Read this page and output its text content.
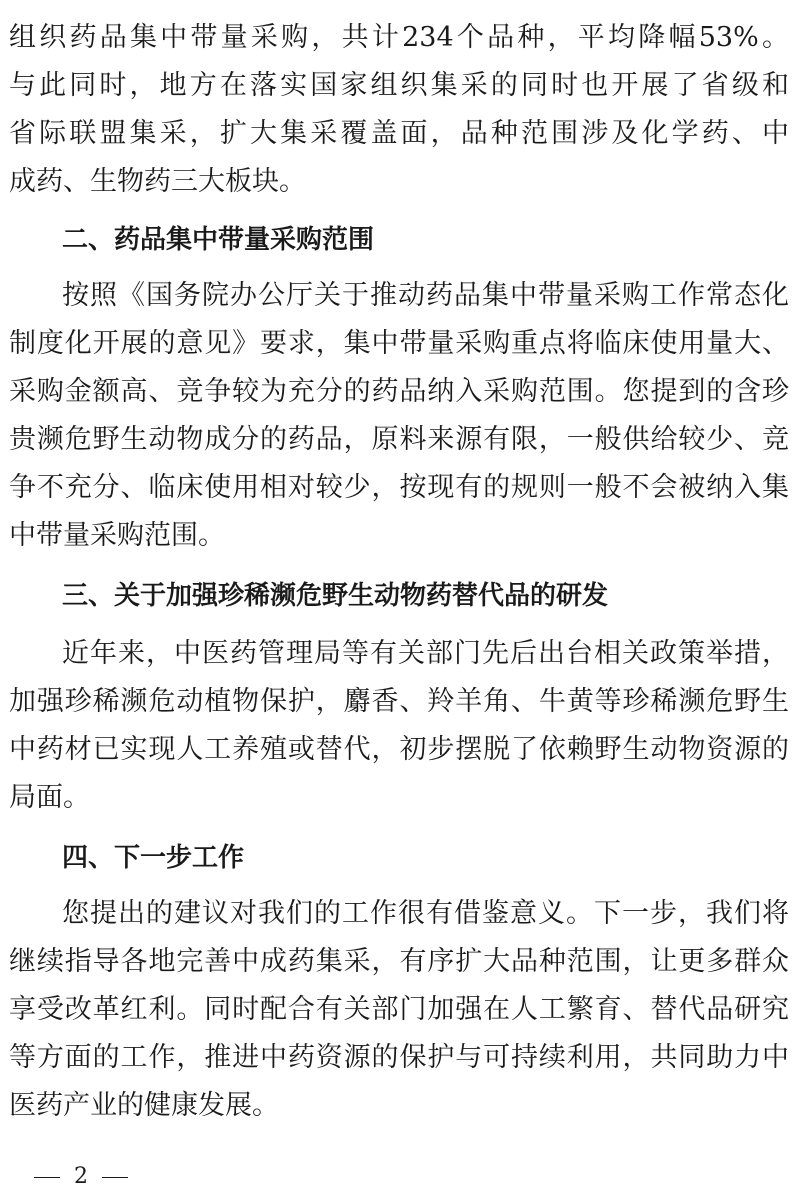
组织药品集中带量采购，共计234个品种，平均降幅53%。
与此同时，地方在落实国家组织集采的同时也开展了省级和
省际联盟集采，扩大集采覆盖面，品种范围涉及化学药、中
成药、生物药三大板块。
二、药品集中带量采购范围
按照《国务院办公厅关于推动药品集中带量采购工作常态化
制度化开展的意见》要求，集中带量采购重点将临床使用量大、
采购金额高、竞争较为充分的药品纳入采购范围。您提到的含珍
贵濒危野生动物成分的药品，原料来源有限，一般供给较少、竞
争不充分、临床使用相对较少，按现有的规则一般不会被纳入集
中带量采购范围。
三、关于加强珍稀濒危野生动物药替代品的研发
近年来，中医药管理局等有关部门先后出台相关政策举措，
加强珍稀濒危动植物保护，麝香、羚羊角、牛黄等珍稀濒危野生
中药材已实现人工养殖或替代，初步摆脱了依赖野生动物资源的
局面。
四、下一步工作
您提出的建议对我们的工作很有借鉴意义。下一步，我们将
继续指导各地完善中成药集采，有序扩大品种范围，让更多群众
享受改革红利。同时配合有关部门加强在人工繁育、替代品研究
等方面的工作，推进中药资源的保护与可持续利用，共同助力中
医药产业的健康发展。
2
